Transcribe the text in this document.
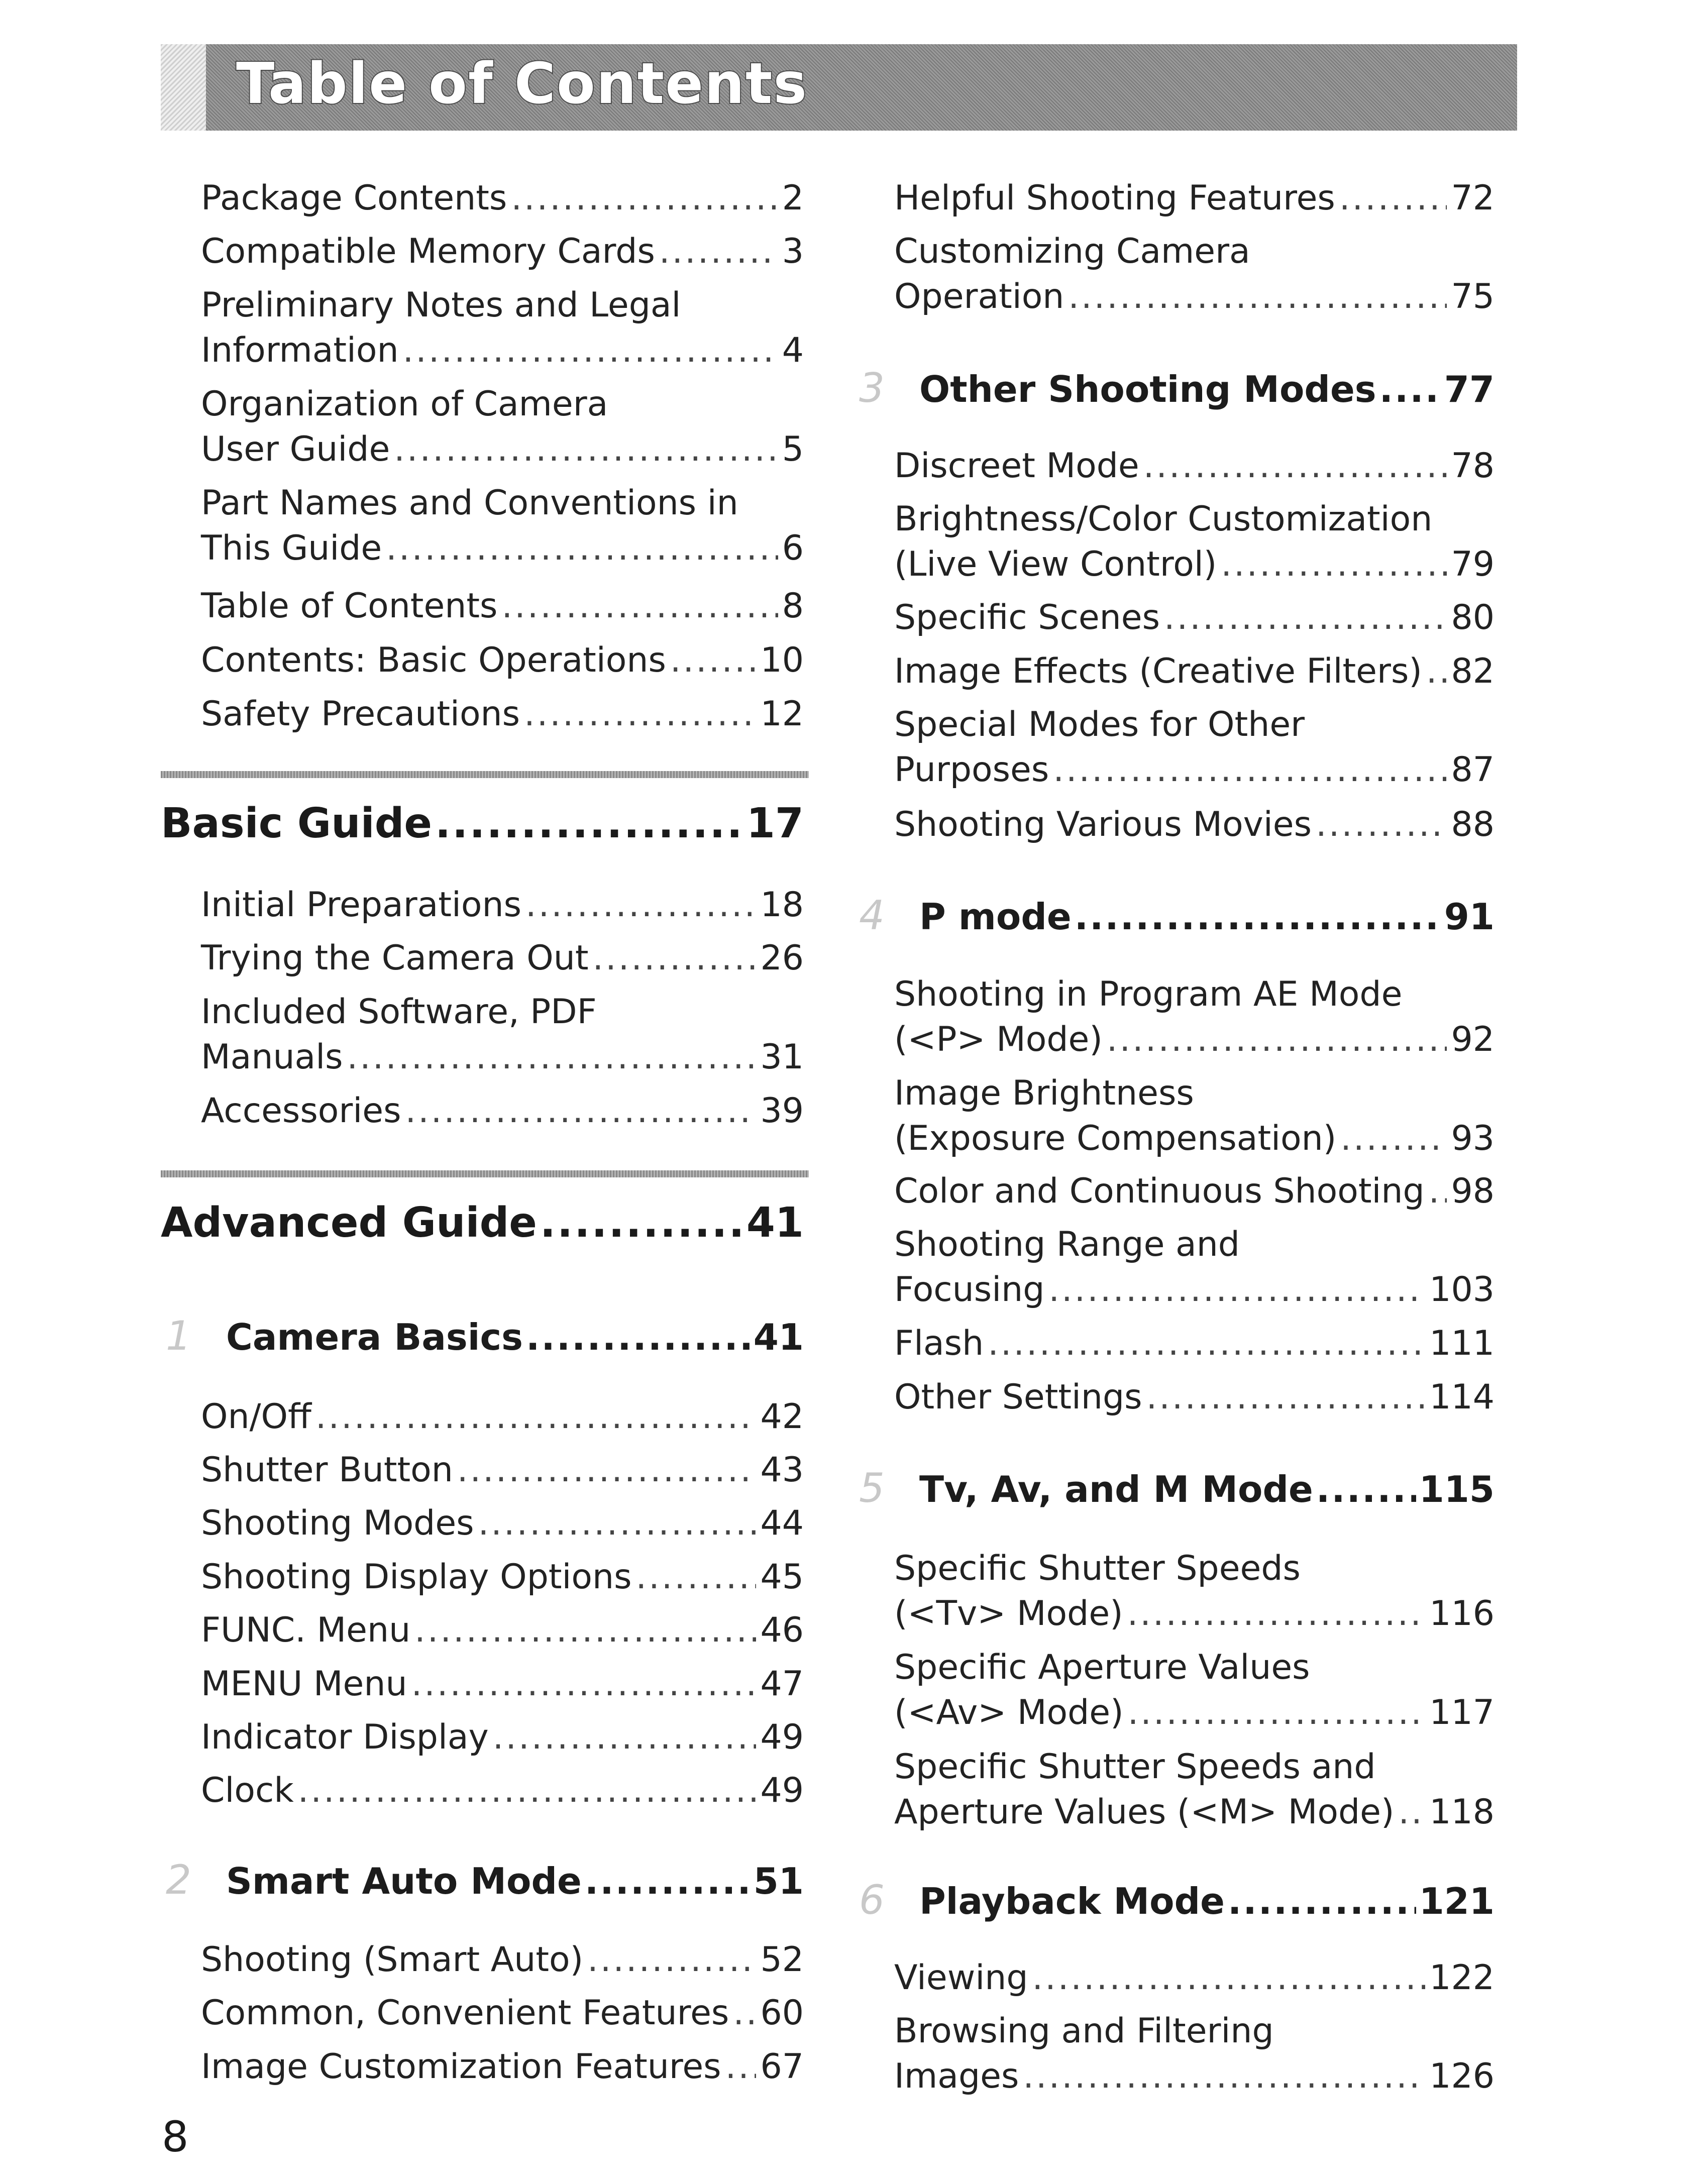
Table of Contents
Package Contents .....	2
Compatible Memory Cards .....	3
Preliminary Notes and Legal
Information .....	4
Organization of Camera
User Guide .....	5
Part Names and Conventions in
This Guide .....	6
Table of Contents .....	8
Contents: Basic Operations .....	10
Safety Precautions .....	12
Basic Guide .....	17
Initial Preparations .....	18
Trying the Camera Out .....	26
Included Software, PDF
Manuals .....	31
Accessories .....	39
Advanced Guide .....	41
1 Camera Basics .....	41
On/Off .....	42
Shutter Button .....	43
Shooting Modes .....	44
Shooting Display Options .....	45
FUNC. Menu .....	46
MENU Menu .....	47
Indicator Display .....	49
Clock .....	49
2 Smart Auto Mode .....	51
Shooting (Smart Auto) .....	52
Common, Convenient Features ..... 60
Image Customization Features ..... 67
Helpful Shooting Features .....	72
Customizing Camera
Operation .....	75
3 Other Shooting Modes ..... 77
Discreet Mode .....	78
Brightness/Color Customization
(Live View Control) .....	79
Specific Scenes .....	80
Image Effects (Creative Filters) ..... 82
Special Modes for Other
Purposes .....	87
Shooting Various Movies .....	88
4 P mode .....	91
Shooting in Program AE Mode
(<P> Mode) .....	92
Image Brightness
(Exposure Compensation) .....	93
Color and Continuous Shooting ..... 98
Shooting Range and
Focusing .....	103
Flash .....	111
Other Settings .....	114
5 Tv, Av, and M Mode .....	115
Specific Shutter Speeds
(<Tv> Mode) .....	116
Specific Aperture Values
(<Av> Mode) .....	117
Specific Shutter Speeds and
Aperture Values (<M> Mode) ..... 118
6 Playback Mode .....	121
Viewing .....	122
Browsing and Filtering
Images .....	126
8
